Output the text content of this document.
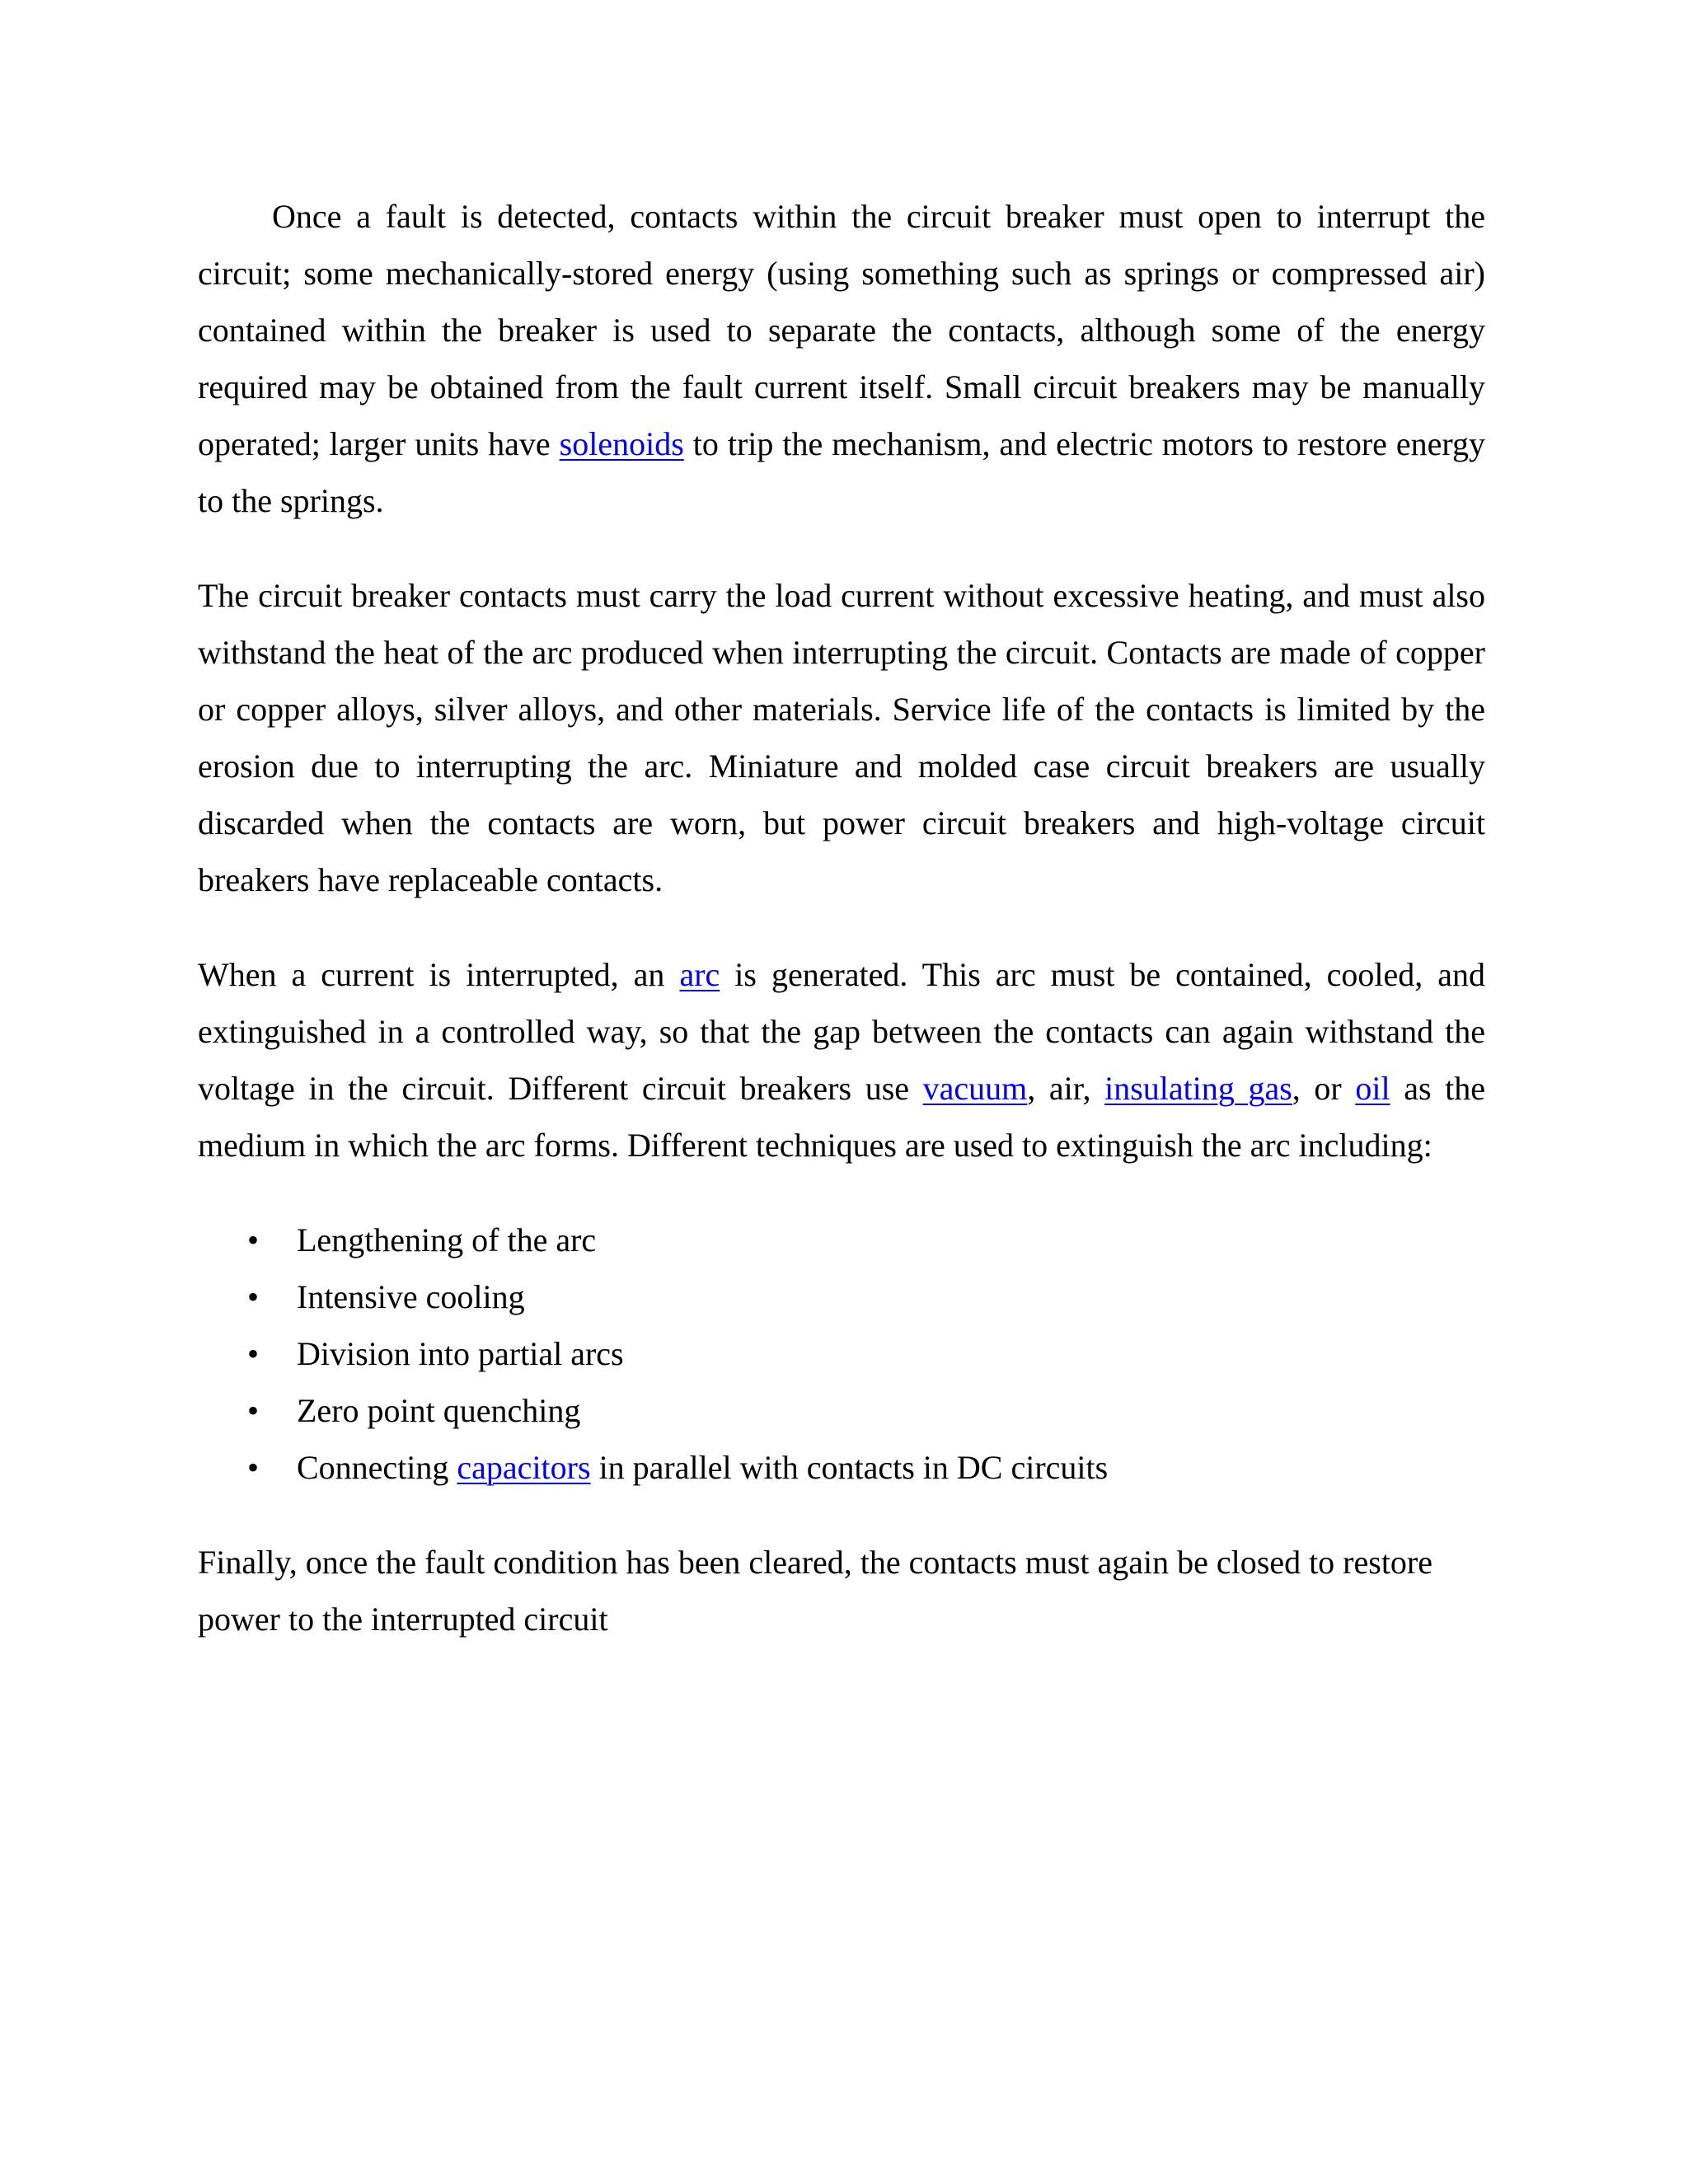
Once a fault is detected, contacts within the circuit breaker must open to interrupt the circuit; some mechanically-stored energy (using something such as springs or compressed air) contained within the breaker is used to separate the contacts, although some of the energy required may be obtained from the fault current itself. Small circuit breakers may be manually operated; larger units have solenoids to trip the mechanism, and electric motors to restore energy to the springs.

The circuit breaker contacts must carry the load current without excessive heating, and must also withstand the heat of the arc produced when interrupting the circuit. Contacts are made of copper or copper alloys, silver alloys, and other materials. Service life of the contacts is limited by the erosion due to interrupting the arc. Miniature and molded case circuit breakers are usually discarded when the contacts are worn, but power circuit breakers and high-voltage circuit breakers have replaceable contacts.

When a current is interrupted, an arc is generated. This arc must be contained, cooled, and extinguished in a controlled way, so that the gap between the contacts can again withstand the voltage in the circuit. Different circuit breakers use vacuum, air, insulating gas, or oil as the medium in which the arc forms. Different techniques are used to extinguish the arc including:

• Lengthening of the arc
• Intensive cooling
• Division into partial arcs
• Zero point quenching
• Connecting capacitors in parallel with contacts in DC circuits

Finally, once the fault condition has been cleared, the contacts must again be closed to restore power to the interrupted circuit
